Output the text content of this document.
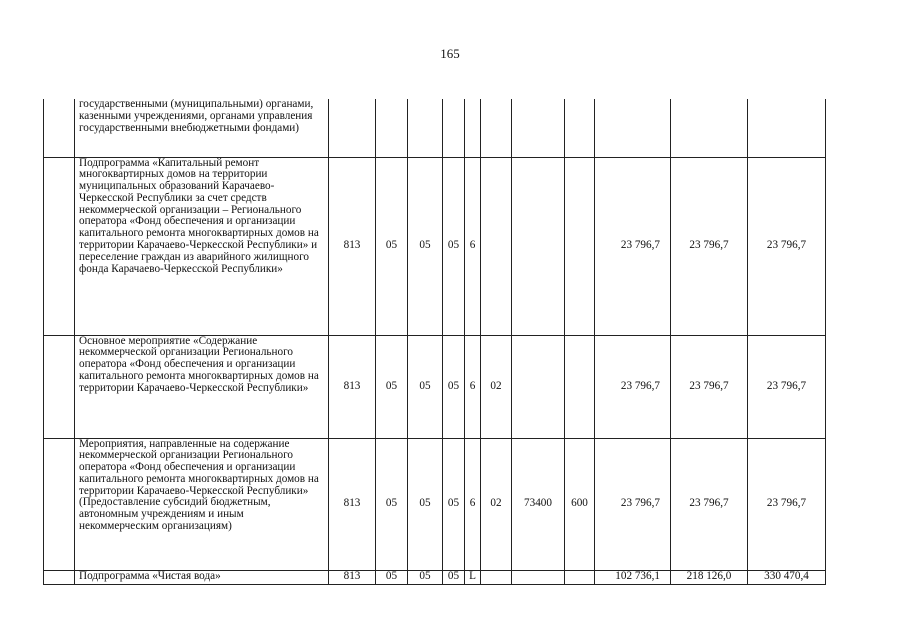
165
	государственными (муниципальными) органами, казенными учреждениями, органами управления государственными внебюджетными фондами)											
	Подпрограмма «Капитальный ремонт многоквартирных домов на территории муниципальных образований Карачаево-Черкесской Республики за счет средств некоммерческой организации – Регионального оператора «Фонд обеспечения и организации капитального ремонта многоквартирных домов на территории Карачаево-Черкесской Республики» и переселение граждан из аварийного жилищного фонда Карачаево-Черкесской Республики»	813	05	05	05	6				23 796,7	23 796,7	23 796,7
	Основное мероприятие «Содержание некоммерческой организации Регионального оператора «Фонд обеспечения и организации капитального ремонта многоквартирных домов на территории Карачаево-Черкесской Республики»	813	05	05	05	6	02			23 796,7	23 796,7	23 796,7
	Мероприятия, направленные на содержание некоммерческой организации Регионального оператора «Фонд обеспечения и организации капитального ремонта многоквартирных домов на территории Карачаево-Черкесской Республики» (Предоставление субсидий бюджетным, автономным учреждениям и иным некоммерческим организациям)	813	05	05	05	6	02	73400	600	23 796,7	23 796,7	23 796,7
	Подпрограмма «Чистая вода»	813	05	05	05	L				102 736,1	218 126,0	330 470,4
